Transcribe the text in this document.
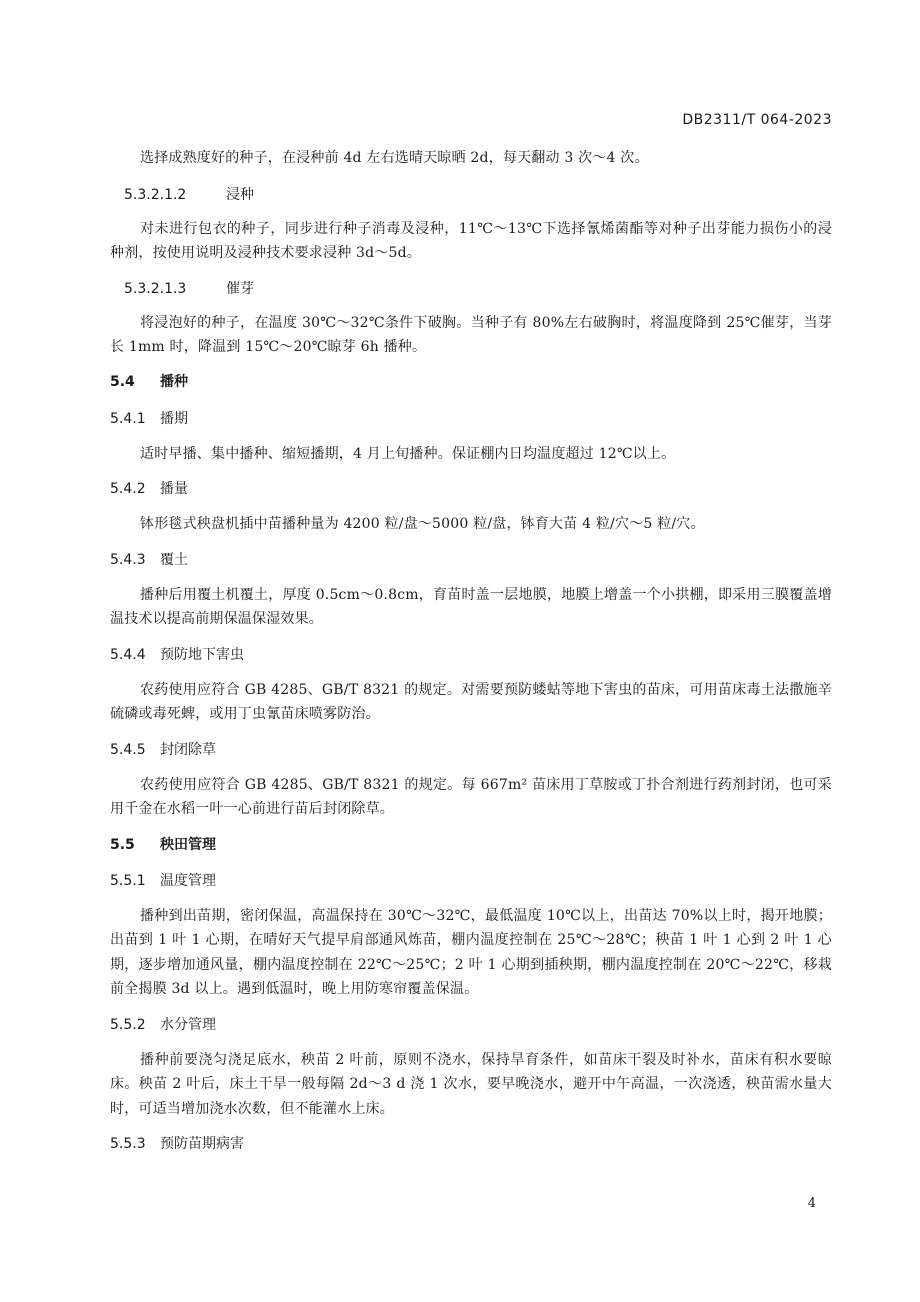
DB2311/T 064-2023

选择成熟度好的种子，在浸种前 4d 左右选晴天晾晒 2d，每天翻动 3 次～4 次。

5.3.2.1.2	浸种

对未进行包衣的种子，同步进行种子消毒及浸种，11℃～13℃下选择氰烯菌酯等对种子出芽能力损伤小的浸种剂，按使用说明及浸种技术要求浸种 3d～5d。

5.3.2.1.3	催芽

将浸泡好的种子，在温度 30℃～32℃条件下破胸。当种子有 80%左右破胸时，将温度降到 25℃催芽，当芽长 1mm 时，降温到 15℃～20℃晾芽 6h 播种。

5.4 播种
5.4.1 播期

适时早播、集中播种、缩短播期，4 月上旬播种。保证棚内日均温度超过 12℃以上。

5.4.2 播量

钵形毯式秧盘机插中苗播种量为 4200 粒/盘～5000 粒/盘，钵育大苗 4 粒/穴～5 粒/穴。

5.4.3 覆土

播种后用覆土机覆土，厚度 0.5cm～0.8cm，育苗时盖一层地膜，地膜上增盖一个小拱棚，即采用三膜覆盖增温技术以提高前期保温保湿效果。

5.4.4 预防地下害虫

农药使用应符合 GB 4285、GB/T 8321 的规定。对需要预防蝼蛄等地下害虫的苗床，可用苗床毒土法撒施辛硫磷或毒死蜱，或用丁虫氰苗床喷雾防治。

5.4.5 封闭除草

农药使用应符合 GB 4285、GB/T 8321 的规定。每 667m² 苗床用丁草胺或丁扑合剂进行药剂封闭，也可采用千金在水稻一叶一心前进行苗后封闭除草。

5.5 秧田管理
5.5.1 温度管理

播种到出苗期，密闭保温，高温保持在 30℃～32℃，最低温度 10℃以上，出苗达 70%以上时，揭开地膜；出苗到 1 叶 1 心期，在晴好天气提早肩部通风炼苗，棚内温度控制在 25℃～28℃；秧苗 1 叶 1 心到 2 叶 1 心期，逐步增加通风量，棚内温度控制在 22℃～25℃；2 叶 1 心期到插秧期，棚内温度控制在 20℃～22℃，移栽前全揭膜 3d 以上。遇到低温时，晚上用防寒帘覆盖保温。

5.5.2 水分管理

播种前要浇匀浇足底水，秧苗 2 叶前，原则不浇水，保持旱育条件，如苗床干裂及时补水，苗床有积水要晾床。秧苗 2 叶后，床土干旱一般每隔 2d～3 d 浇 1 次水，要早晚浇水，避开中午高温，一次浇透，秧苗需水量大时，可适当增加浇水次数，但不能灌水上床。

5.5.3 预防苗期病害
4
